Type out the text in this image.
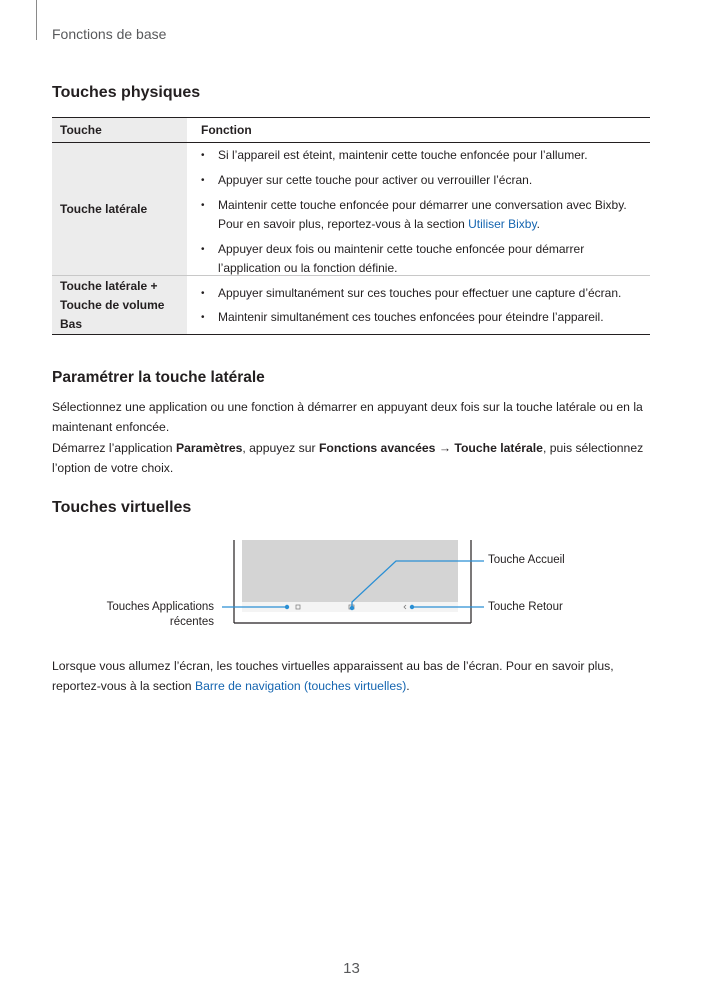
Fonctions de base
Touches physiques
Touche	Fonction
Touche latérale
• Si l’appareil est éteint, maintenir cette touche enfoncée pour l’allumer.
• Appuyer sur cette touche pour activer ou verrouiller l’écran.
• Maintenir cette touche enfoncée pour démarrer une conversation avec Bixby. Pour en savoir plus, reportez-vous à la section Utiliser Bixby.
• Appuyer deux fois ou maintenir cette touche enfoncée pour démarrer l’application ou la fonction définie.
Touche latérale +
Touche de volume
Bas
• Appuyer simultanément sur ces touches pour effectuer une capture d’écran.
• Maintenir simultanément ces touches enfoncées pour éteindre l’appareil.
Paramétrer la touche latérale

Sélectionnez une application ou une fonction à démarrer en appuyant deux fois sur la touche latérale ou en la maintenant enfoncée.

Démarrez l’application Paramètres, appuyez sur Fonctions avancées → Touche latérale, puis sélectionnez l’option de votre choix.

Touches virtuelles
Touche Accueil
Touche Retour
Touches Applications
récentes

Lorsque vous allumez l’écran, les touches virtuelles apparaissent au bas de l’écran. Pour en savoir plus, reportez-vous à la section Barre de navigation (touches virtuelles).

13
